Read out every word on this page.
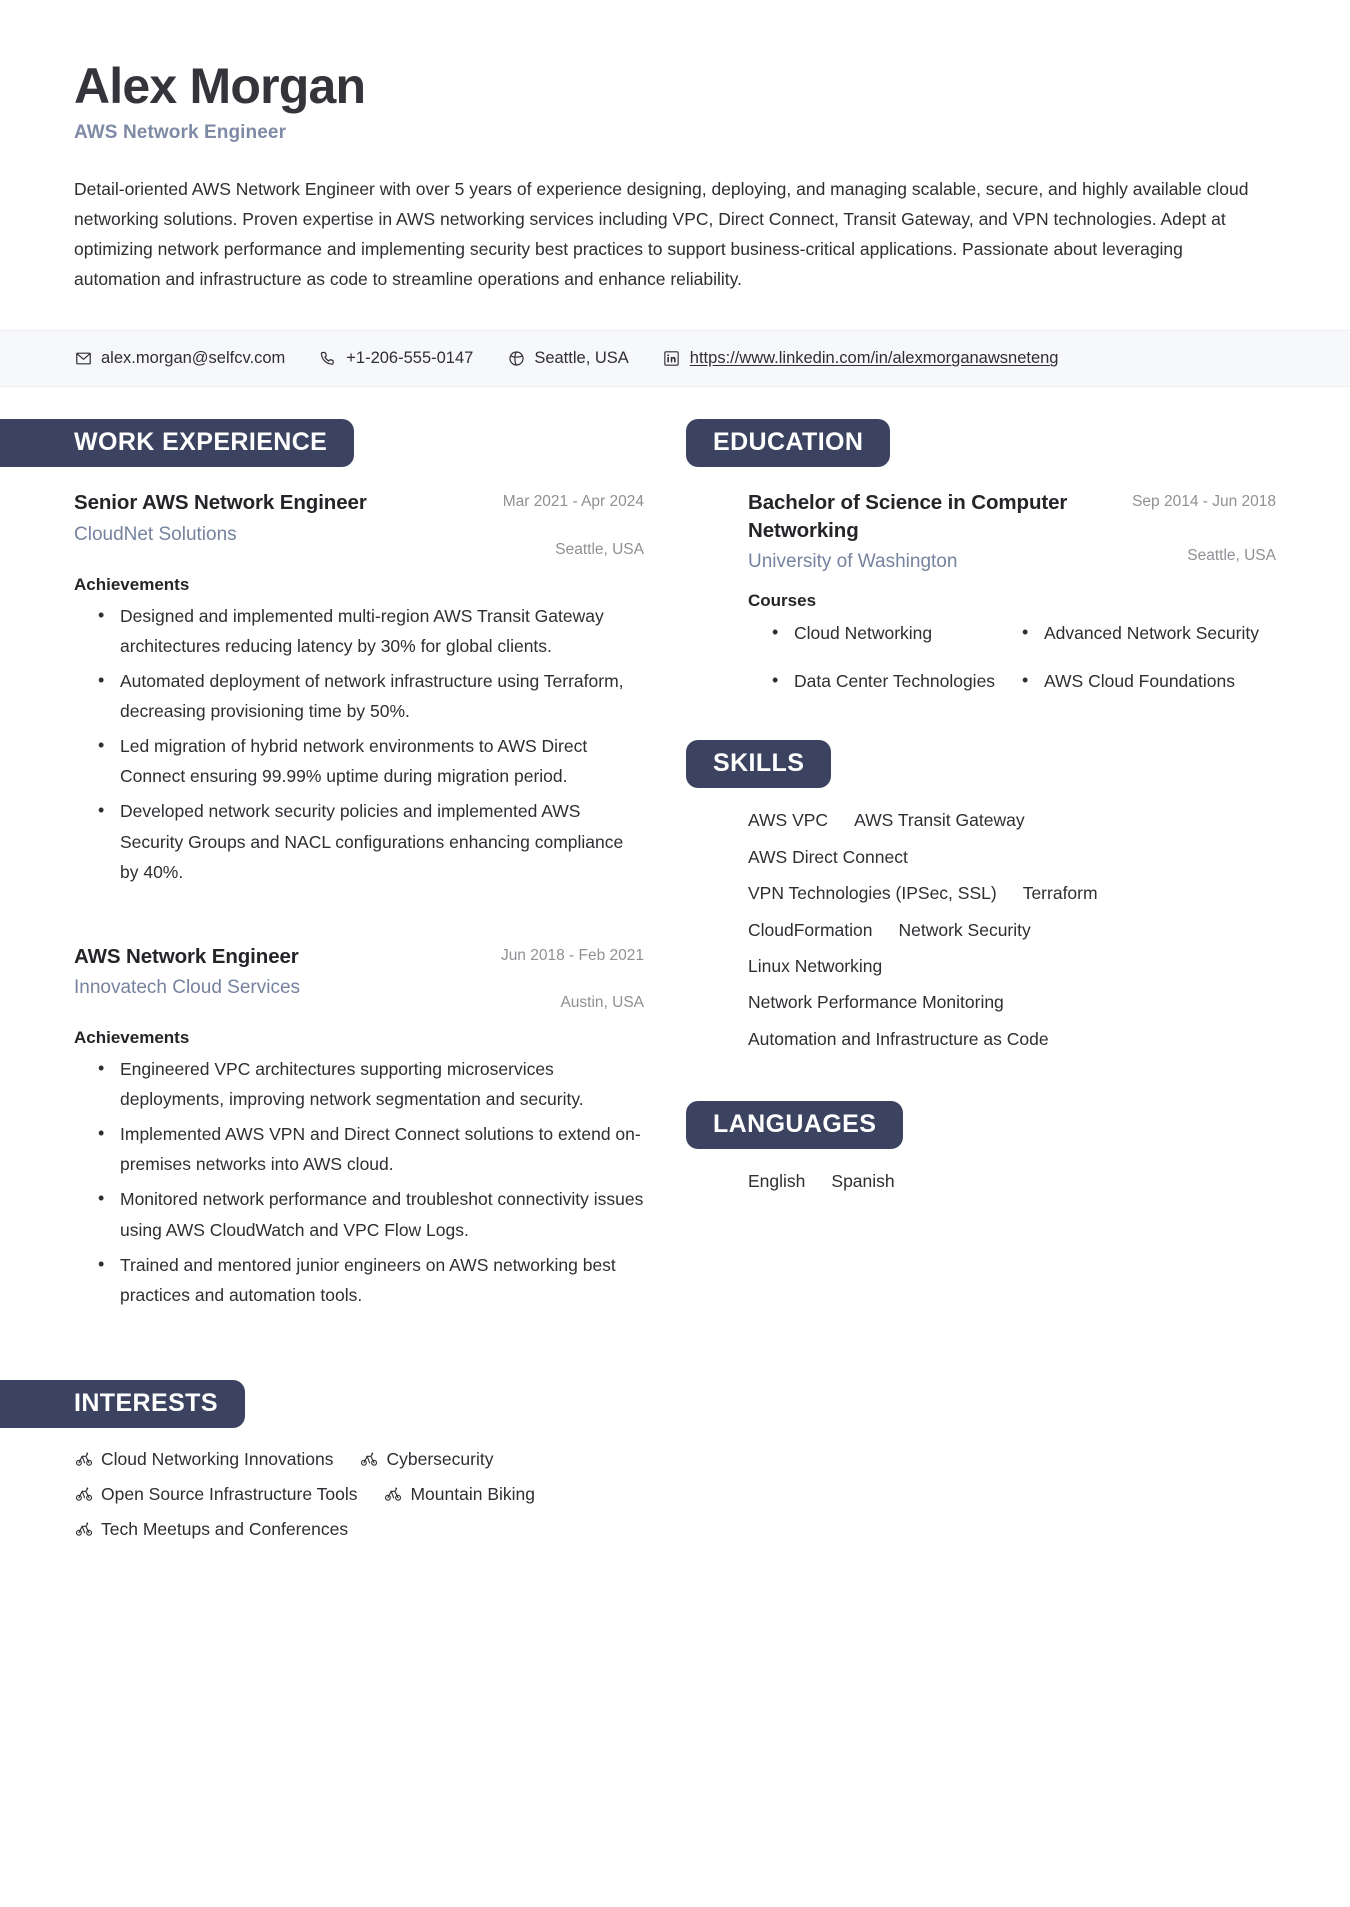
Alex Morgan
AWS Network Engineer
Detail-oriented AWS Network Engineer with over 5 years of experience designing, deploying, and managing scalable, secure, and highly available cloud networking solutions. Proven expertise in AWS networking services including VPC, Direct Connect, Transit Gateway, and VPN technologies. Adept at optimizing network performance and implementing security best practices to support business-critical applications. Passionate about leveraging automation and infrastructure as code to streamline operations and enhance reliability.
alex.morgan@selfcv.com	+1-206-555-0147	Seattle, USA	https://www.linkedin.com/in/alexmorganawsneteng
WORK EXPERIENCE
Senior AWS Network Engineer
CloudNet Solutions
Mar 2021 - Apr 2024
Seattle, USA
Achievements
• Designed and implemented multi-region AWS Transit Gateway architectures reducing latency by 30% for global clients.
• Automated deployment of network infrastructure using Terraform, decreasing provisioning time by 50%.
• Led migration of hybrid network environments to AWS Direct Connect ensuring 99.99% uptime during migration period.
• Developed network security policies and implemented AWS Security Groups and NACL configurations enhancing compliance by 40%.
AWS Network Engineer
Innovatech Cloud Services
Jun 2018 - Feb 2021
Austin, USA
Achievements
• Engineered VPC architectures supporting microservices deployments, improving network segmentation and security.
• Implemented AWS VPN and Direct Connect solutions to extend on-premises networks into AWS cloud.
• Monitored network performance and troubleshot connectivity issues using AWS CloudWatch and VPC Flow Logs.
• Trained and mentored junior engineers on AWS networking best practices and automation tools.
INTERESTS
Cloud Networking Innovations
	Cybersecurity

Open Source Infrastructure Tools
	Mountain Biking

Tech Meetups and Conferences
EDUCATION
Bachelor of Science in Computer Networking
University of Washington
Sep 2014 - Jun 2018
Seattle, USA
Courses
• Cloud Networking	• Advanced Network Security
• Data Center Technologies	• AWS Cloud Foundations
SKILLS
AWS VPC AWS Transit Gateway AWS Direct Connect VPN Technologies (IPSec, SSL) Terraform CloudFormation Network Security Linux Networking Network Performance Monitoring Automation and Infrastructure as Code
LANGUAGES
English Spanish
